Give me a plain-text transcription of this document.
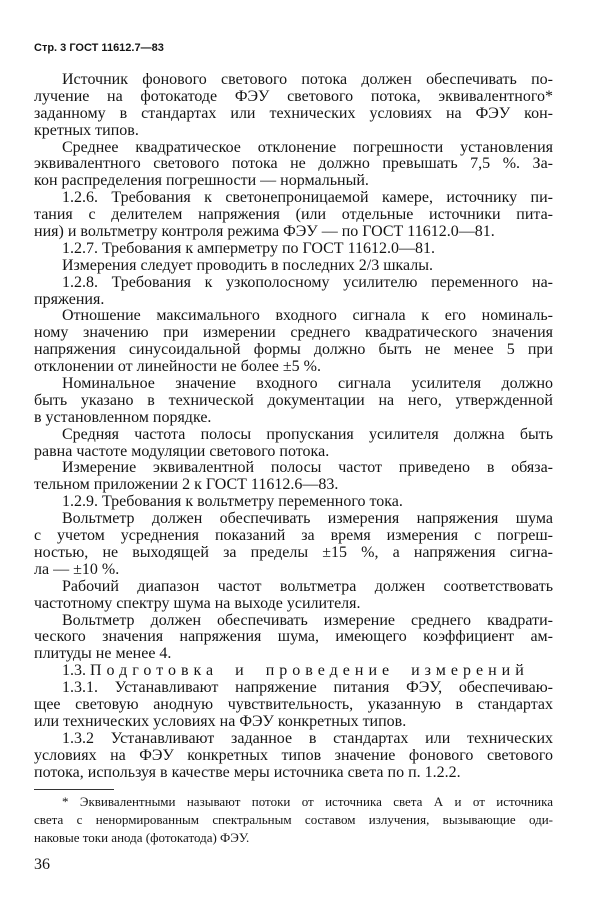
Стр. 3 ГОСТ 11612.7—83
Источник фонового светового потока должен обеспечивать по-
лучение на фотокатоде ФЭУ светового потока, эквивалентного*
заданному в стандартах или технических условиях на ФЭУ кон-
кретных типов.
Среднее квадратическое отклонение погрешности установления
эквивалентного светового потока не должно превышать 7,5 %. За-
кон распределения погрешности — нормальный.
1.2.6. Требования к светонепроницаемой камере, источнику пи-
тания с делителем напряжения (или отдельные источники пита-
ния) и вольтметру контроля режима ФЭУ — по ГОСТ 11612.0—81.
1.2.7. Требования к амперметру по ГОСТ 11612.0—81.
Измерения следует проводить в последних 2/3 шкалы.
1.2.8. Требования к узкополосному усилителю переменного на-
пряжения.
Отношение максимального входного сигнала к его номиналь-
ному значению при измерении среднего квадратического значения
напряжения синусоидальной формы должно быть не менее 5 при
отклонении от линейности не более ±5 %.
Номинальное значение входного сигнала усилителя должно
быть указано в технической документации на него, утвержденной
в установленном порядке.
Средняя частота полосы пропускания усилителя должна быть
равна частоте модуляции светового потока.
Измерение эквивалентной полосы частот приведено в обяза-
тельном приложении 2 к ГОСТ 11612.6—83.
1.2.9. Требования к вольтметру переменного тока.
Вольтметр должен обеспечивать измерения напряжения шума
с учетом усреднения показаний за время измерения с погреш-
ностью, не выходящей за пределы ±15 %, а напряжения сигна-
ла — ±10 %.
Рабочий диапазон частот вольтметра должен соответствовать
частотному спектру шума на выходе усилителя.
Вольтметр должен обеспечивать измерение среднего квадрати-
ческого значения напряжения шума, имеющего коэффициент ам-
плитуды не менее 4.
1.3. Подготовка и проведение измерений
1.3.1. Устанавливают напряжение питания ФЭУ, обеспечиваю-
щее световую анодную чувствительность, указанную в стандартах
или технических условиях на ФЭУ конкретных типов.
1.3.2 Устанавливают заданное в стандартах или технических
условиях на ФЭУ конкретных типов значение фонового светового
потока, используя в качестве меры источника света по п. 1.2.2.
* Эквивалентными называют потоки от источника света А и от источника
света с ненормированным спектральным составом излучения, вызывающие оди-
наковые токи анода (фотокатода) ФЭУ.
36
